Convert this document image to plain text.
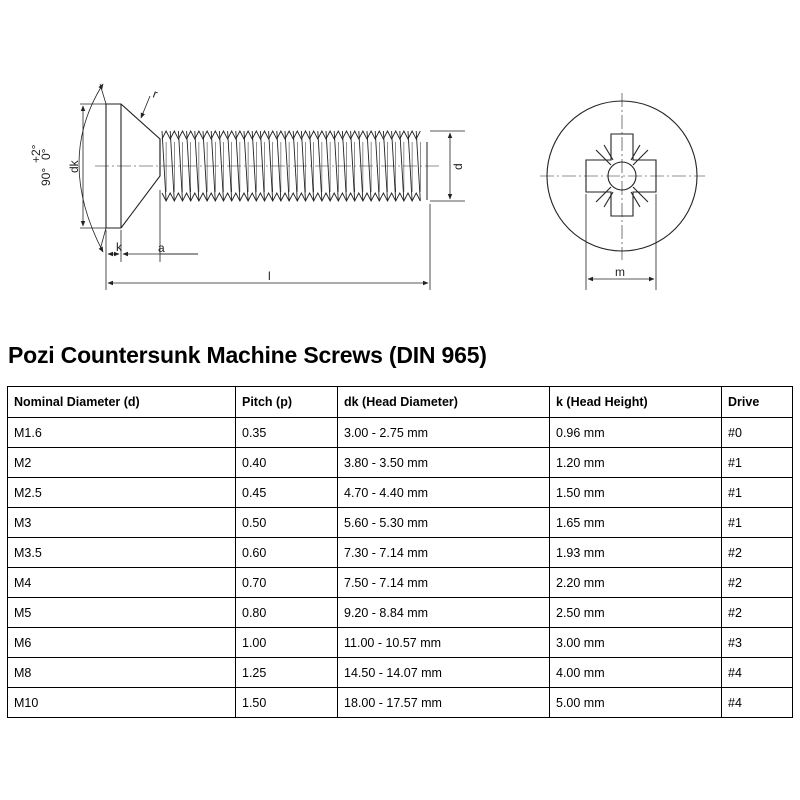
90°
+2°
0°
dk
r
k	a
l
d
m
Pozi Countersunk Machine Screws (DIN 965)
Nominal Diameter (d)	Pitch (p)	dk (Head Diameter)	k (Head Height)	Drive
M1.6	0.35	3.00 - 2.75 mm	0.96 mm	#0
M2	0.40	3.80 - 3.50 mm	1.20 mm	#1
M2.5	0.45	4.70 - 4.40 mm	1.50 mm	#1
M3	0.50	5.60 - 5.30 mm	1.65 mm	#1
M3.5	0.60	7.30 - 7.14 mm	1.93 mm	#2
M4	0.70	7.50 - 7.14 mm	2.20 mm	#2
M5	0.80	9.20 - 8.84 mm	2.50 mm	#2
M6	1.00	11.00 - 10.57 mm	3.00 mm	#3
M8	1.25	14.50 - 14.07 mm	4.00 mm	#4
M10	1.50	18.00 - 17.57 mm	5.00 mm	#4
